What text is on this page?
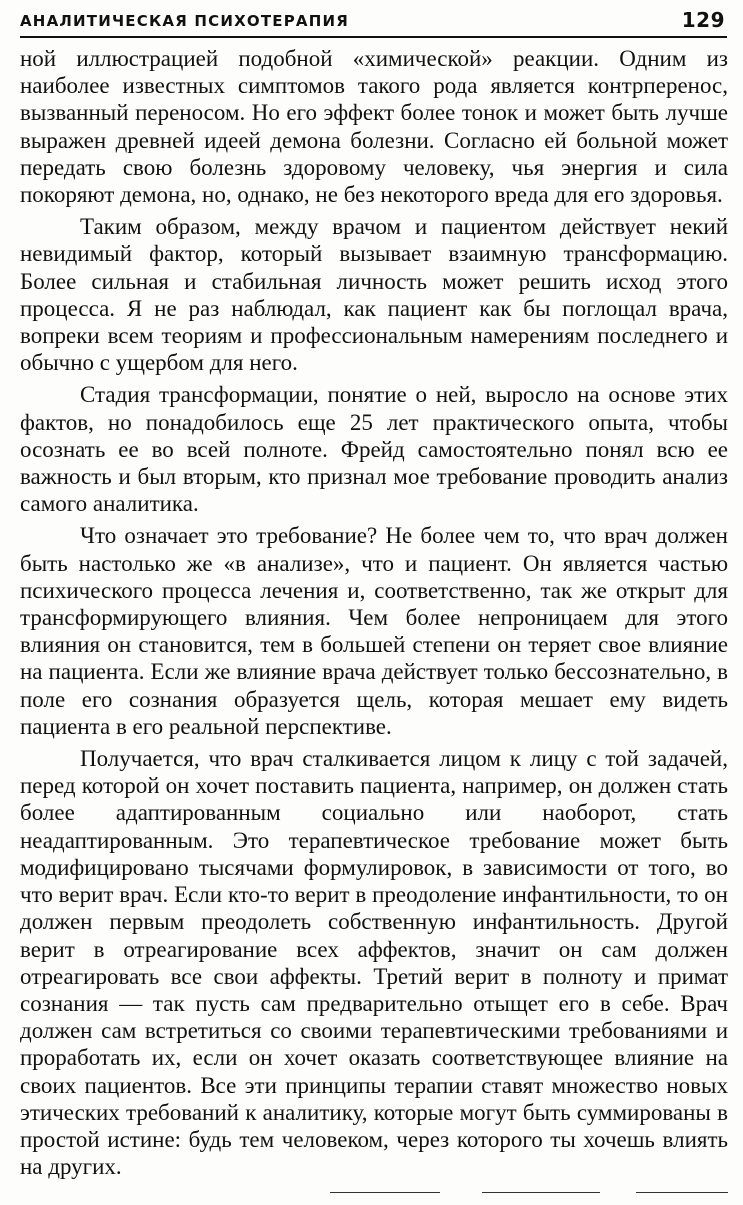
АНАЛИТИЧЕСКАЯ ПСИХОТЕРАПИЯ	129

ной иллюстрацией подобной «химической» реакции. Одним из наиболее известных симптомов такого рода является контрперенос, вызванный переносом. Но его эффект более тонок и может быть лучше выражен древней идеей демона болезни. Согласно ей больной может передать свою болезнь здоровому человеку, чья энергия и сила покоряют демона, но, однако, не без некоторого вреда для его здоровья.

Таким образом, между врачом и пациентом действует некий невидимый фактор, который вызывает взаимную трансформацию. Более сильная и стабильная личность может решить исход этого процесса. Я не раз наблюдал, как пациент как бы поглощал врача, вопреки всем теориям и профессиональным намерениям последнего и обычно с ущербом для него.

Стадия трансформации, понятие о ней, выросло на основе этих фактов, но понадобилось еще 25 лет практического опыта, чтобы осознать ее во всей полноте. Фрейд самостоятельно понял всю ее важность и был вторым, кто признал мое требование проводить анализ самого аналитика.

Что означает это требование? Не более чем то, что врач должен быть настолько же «в анализе», что и пациент. Он является частью психического процесса лечения и, соответственно, так же открыт для трансформирующего влияния. Чем более непроницаем для этого влияния он становится, тем в большей степени он теряет свое влияние на пациента. Если же влияние врача действует только бессознательно, в поле его сознания образуется щель, которая мешает ему видеть пациента в его реальной перспективе.

Получается, что врач сталкивается лицом к лицу с той задачей, перед которой он хочет поставить пациента, например, он должен стать более адаптированным социально или наоборот, стать неадаптированным. Это терапевтическое требование может быть модифицировано тысячами формулировок, в зависимости от того, во что верит врач. Если кто-то верит в преодоление инфантильности, то он должен первым преодолеть собственную инфантильность. Другой верит в отреагирование всех аффектов, значит он сам должен отреагировать все свои аффекты. Третий верит в полноту и примат сознания — так пусть сам предварительно отыщет его в себе. Врач должен сам встретиться со своими терапевтическими требованиями и проработать их, если он хочет оказать соответствующее влияние на своих пациентов. Все эти принципы терапии ставят множество новых этических требований к аналитику, которые могут быть суммированы в простой истине: будь тем человеком, через которого ты хочешь влиять на других.
